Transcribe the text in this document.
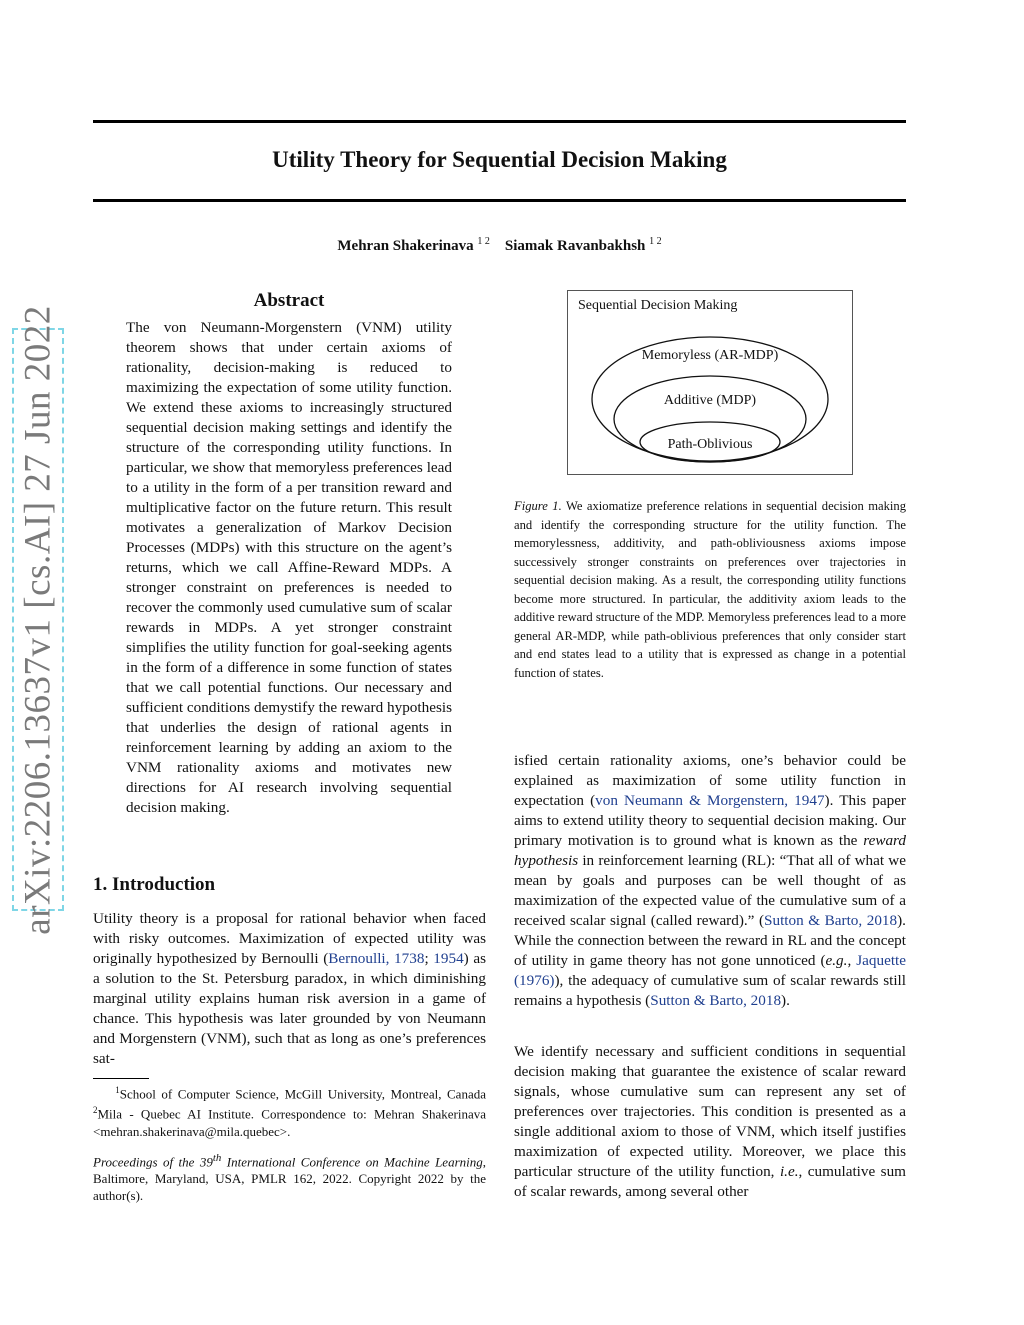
Utility Theory for Sequential Decision Making
Mehran Shakerinava $^{1 2}$ Siamak Ravanbakhsh $^{1 2}$
arXiv:2206.13637v1 [cs.AI] 27 Jun 2022
Abstract
The von Neumann-Morgenstern (VNM) utility theorem shows that under certain axioms of rationality, decision-making is reduced to maximizing the expectation of some utility function. We extend these axioms to increasingly structured sequential decision making settings and identify the structure of the corresponding utility functions. In particular, we show that memoryless preferences lead to a utility in the form of a per transition reward and multiplicative factor on the future return. This result motivates a generalization of Markov Decision Processes (MDPs) with this structure on the agent’s returns, which we call Affine-Reward MDPs. A stronger constraint on preferences is needed to recover the commonly used cumulative sum of scalar rewards in MDPs. A yet stronger constraint simplifies the utility function for goal-seeking agents in the form of a difference in some function of states that we call potential functions. Our necessary and sufficient conditions demystify the reward hypothesis that underlies the design of rational agents in reinforcement learning by adding an axiom to the VNM rationality axioms and motivates new directions for AI research involving sequential decision making.
1. Introduction
Utility theory is a proposal for rational behavior when faced with risky outcomes. Maximization of expected utility was originally hypothesized by Bernoulli (Bernoulli, 1738; 1954) as a solution to the St. Petersburg paradox, in which diminishing marginal utility explains human risk aversion in a game of chance. This hypothesis was later grounded by von Neumann and Morgenstern (VNM), such that as long as one’s preferences sat-
$^1$School of Computer Science, McGill University, Montreal, Canada $^2$Mila - Quebec AI Institute. Correspondence to: Mehran Shakerinava <mehran.shakerinava@mila.quebec>.
Proceedings of the 39th International Conference on Machine Learning, Baltimore, Maryland, USA, PMLR 162, 2022. Copyright 2022 by the author(s).
Sequential Decision Making
Memoryless (AR-MDP)
Additive (MDP)
Path-Oblivious
Figure 1. We axiomatize preference relations in sequential decision making and identify the corresponding structure for the utility function. The memorylessness, additivity, and path-obliviousness axioms impose successively stronger constraints on preferences over trajectories in sequential decision making. As a result, the corresponding utility functions become more structured. In particular, the additivity axiom leads to the additive reward structure of the MDP. Memoryless preferences lead to a more general AR-MDP, while path-oblivious preferences that only consider start and end states lead to a utility that is expressed as change in a potential function of states.
isfied certain rationality axioms, one’s behavior could be explained as maximization of some utility function in expectation (von Neumann & Morgenstern, 1947). This paper aims to extend utility theory to sequential decision making. Our primary motivation is to ground what is known as the reward hypothesis in reinforcement learning (RL): “That all of what we mean by goals and purposes can be well thought of as maximization of the expected value of the cumulative sum of a received scalar signal (called reward).” (Sutton & Barto, 2018). While the connection between the reward in RL and the concept of utility in game theory has not gone unnoticed (e.g., Jaquette (1976)), the adequacy of cumulative sum of scalar rewards still remains a hypothesis (Sutton & Barto, 2018).
We identify necessary and sufficient conditions in sequential decision making that guarantee the existence of scalar reward signals, whose cumulative sum can represent any set of preferences over trajectories. This condition is presented as a single additional axiom to those of VNM, which itself justifies maximization of expected utility. Moreover, we place this particular structure of the utility function, i.e., cumulative sum of scalar rewards, among several other
